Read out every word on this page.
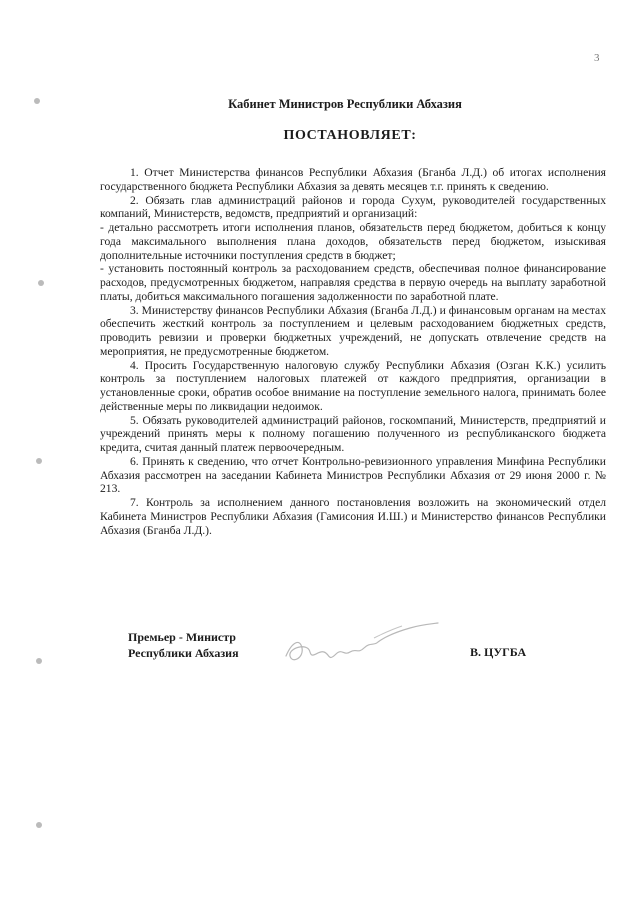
3
Кабинет Министров Республики Абхазия
ПОСТАНОВЛЯЕТ:

1. Отчет Министерства финансов Республики Абхазия (Бганба Л.Д.) об итогах исполнения государственного бюджета Республики Абхазия за девять месяцев т.г. принять к сведению.

2. Обязать глав администраций районов и города Сухум, руководителей государственных компаний, Министерств, ведомств, предприятий и организаций:

- детально рассмотреть итоги исполнения планов, обязательств перед бюджетом, добиться к концу года максимального выполнения плана доходов, обязательств перед бюджетом, изыскивая дополнительные источники поступления средств в бюджет;

- установить постоянный контроль за расходованием средств, обеспечивая полное финансирование расходов, предусмотренных бюджетом, направляя средства в первую очередь на выплату заработной платы, добиться максимального погашения задолженности по заработной плате.

3. Министерству финансов Республики Абхазия (Бганба Л.Д.) и финансовым органам на местах обеспечить жесткий контроль за поступлением и целевым расходованием бюджетных средств, проводить ревизии и проверки бюджетных учреждений, не допускать отвлечение средств на мероприятия, не предусмотренные бюджетом.

4. Просить Государственную налоговую службу Республики Абхазия (Озган К.К.) усилить контроль за поступлением налоговых платежей от каждого предприятия, организации в установленные сроки, обратив особое внимание на поступление земельного налога, принимать более действенные меры по ликвидации недоимок.

5. Обязать руководителей администраций районов, госкомпаний, Министерств, предприятий и учреждений принять меры к полному погашению полученного из республиканского бюджета кредита, считая данный платеж первоочередным.

6. Принять к сведению, что отчет Контрольно-ревизионного управления Минфина Республики Абхазия рассмотрен на заседании Кабинета Министров Республики Абхазия от 29 июня 2000 г. № 213.

7. Контроль за исполнением данного постановления возложить на экономический отдел Кабинета Министров Республики Абхазия (Гамисония И.Ш.) и Министерство финансов Республики Абхазия (Бганба Л.Д.).

Премьер - Министр
Республики Абхазия	В. ЦУГБА
